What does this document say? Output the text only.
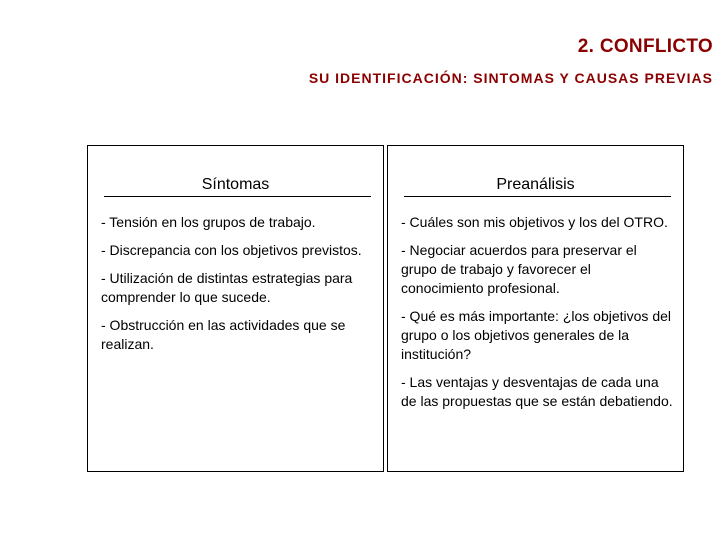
2. CONFLICTO
SU IDENTIFICACIÓN: SINTOMAS Y CAUSAS PREVIAS
Síntomas
- Tensión en los grupos de trabajo.
- Discrepancia con los objetivos previstos.
- Utilización de distintas estrategias para comprender lo que sucede.
- Obstrucción en las actividades que se realizan.
Preanálisis
- Cuáles son mis objetivos y los del OTRO.
- Negociar acuerdos para preservar el grupo de trabajo y favorecer el conocimiento profesional.
- Qué es más importante: ¿los objetivos del grupo o los objetivos generales de la institución?
- Las ventajas y desventajas de cada una de las propuestas que se están debatiendo.
